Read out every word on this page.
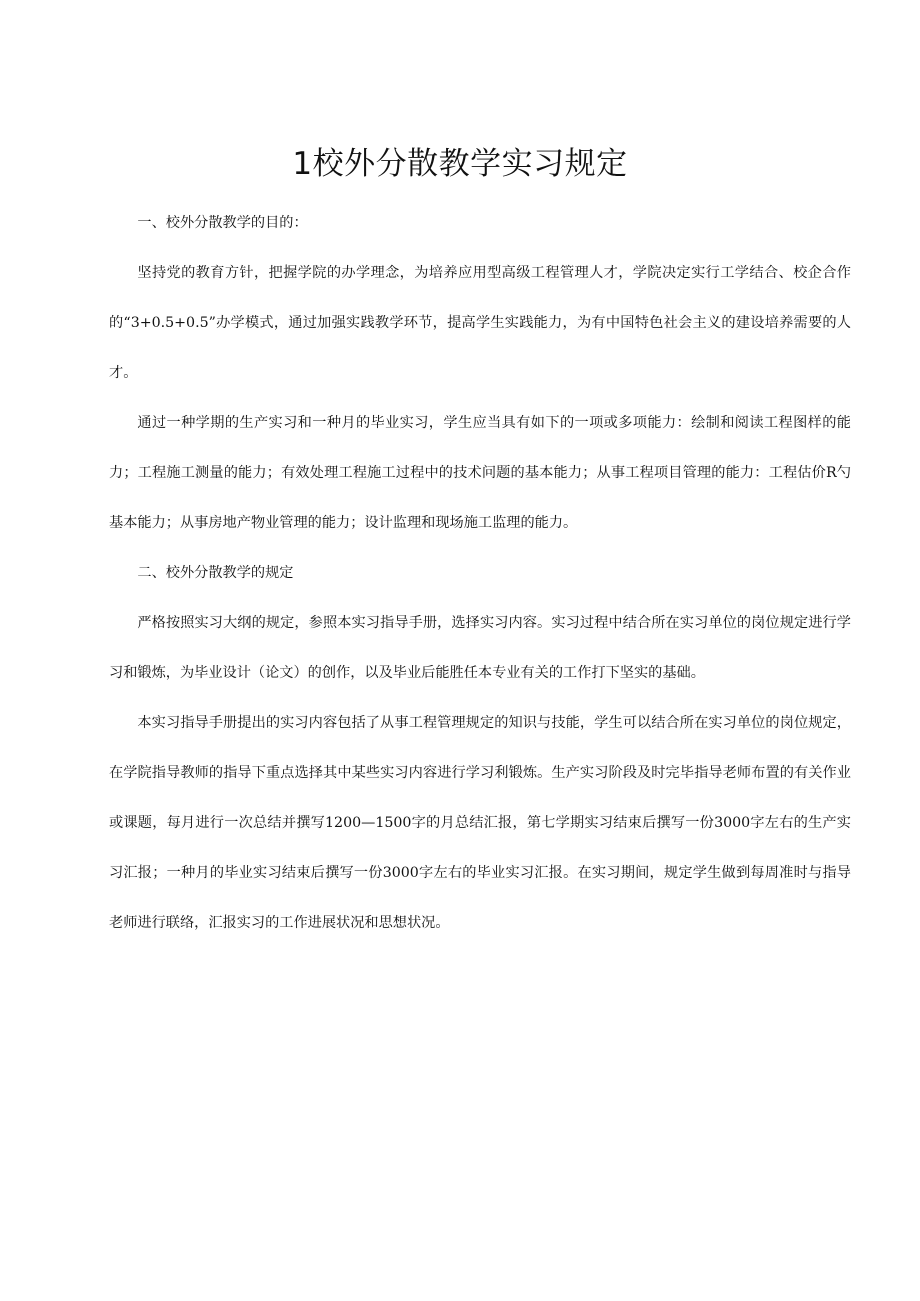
1校外分散教学实习规定

一、校外分散教学的目的：

坚持党的教育方针，把握学院的办学理念，为培养应用型高级工程管理人才，学院决定实行工学结合、校企合作的“3+0.5+0.5”办学模式，通过加强实践教学环节，提高学生实践能力，为有中国特色社会主义的建设培养需要的人才。

通过一种学期的生产实习和一种月的毕业实习，学生应当具有如下的一项或多项能力：绘制和阅读工程图样的能力；工程施工测量的能力；有效处理工程施工过程中的技术问题的基本能力；从事工程项目管理的能力：工程估价R勺基本能力；从事房地产物业管理的能力；设计监理和现场施工监理的能力。

二、校外分散教学的规定

严格按照实习大纲的规定，参照本实习指导手册，选择实习内容。实习过程中结合所在实习单位的岗位规定进行学习和锻炼，为毕业设计（论文）的创作，以及毕业后能胜任本专业有关的工作打下坚实的基础。

本实习指导手册提出的实习内容包括了从事工程管理规定的知识与技能，学生可以结合所在实习单位的岗位规定，在学院指导教师的指导下重点选择其中某些实习内容进行学习利锻炼。生产实习阶段及时完毕指导老师布置的有关作业或课题，每月进行一次总结并撰写1200—1500字的月总结汇报，第七学期实习结束后撰写一份3000字左右的生产实习汇报；一种月的毕业实习结束后撰写一份3000字左右的毕业实习汇报。在实习期间，规定学生做到每周准时与指导老师进行联络，汇报实习的工作进展状况和思想状况。
